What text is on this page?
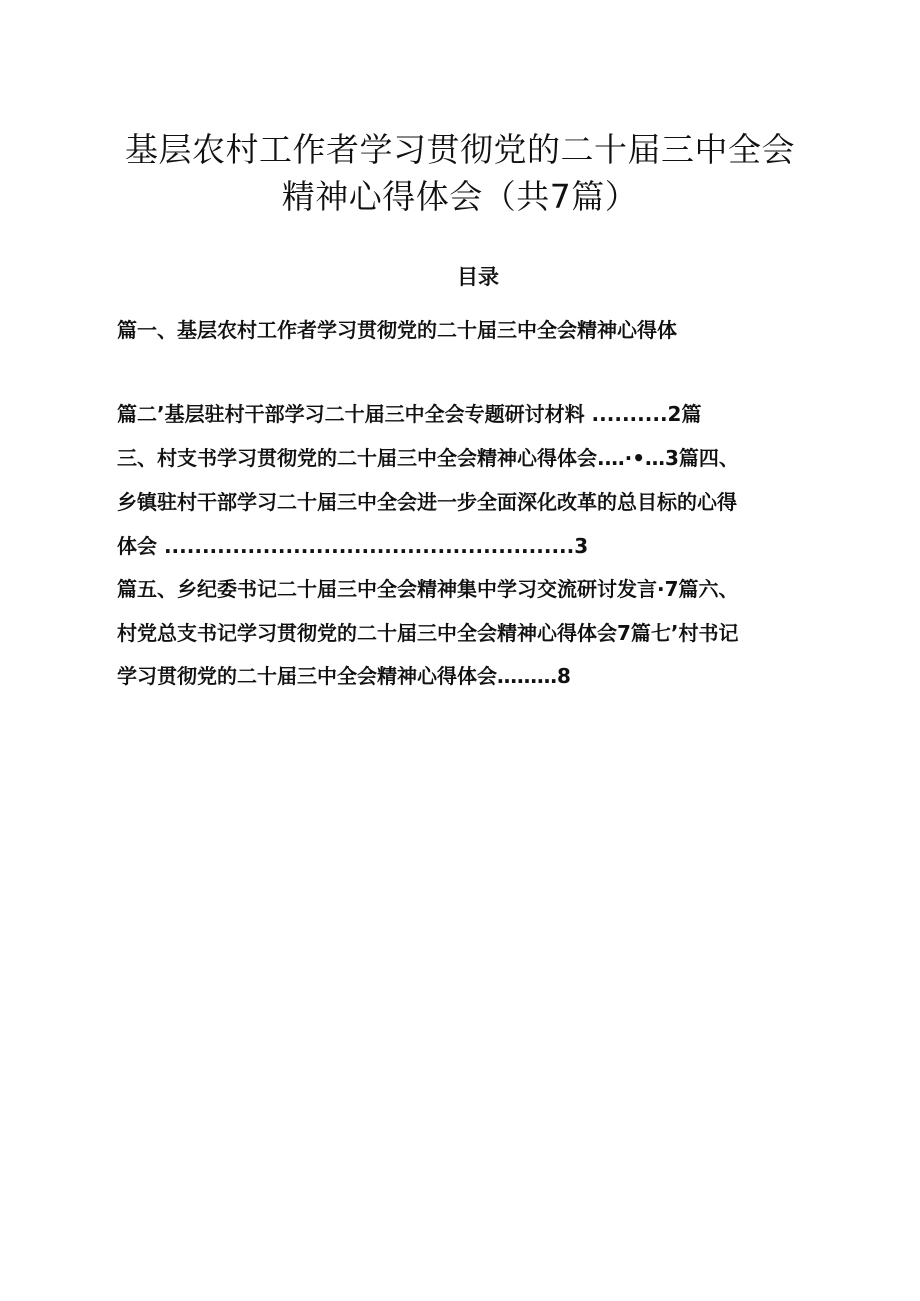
基层农村工作者学习贯彻党的二十届三中全会
精神心得体会（共7篇）
目录
篇一、基层农村工作者学习贯彻党的二十届三中全会精神心得体
篇二’基层驻村干部学习二十届三中全会专题研讨材料 ..........2篇
三、村支书学习贯彻党的二十届三中全会精神心得体会.…·•…3篇四、
乡镇驻村干部学习二十届三中全会进一步全面深化改革的总目标的心得
体会 ......................................................3
篇五、乡纪委书记二十届三中全会精神集中学习交流研讨发言·7篇六、
村党总支书记学习贯彻党的二十届三中全会精神心得体会7篇七’村书记
学习贯彻党的二十届三中全会精神心得体会………8
